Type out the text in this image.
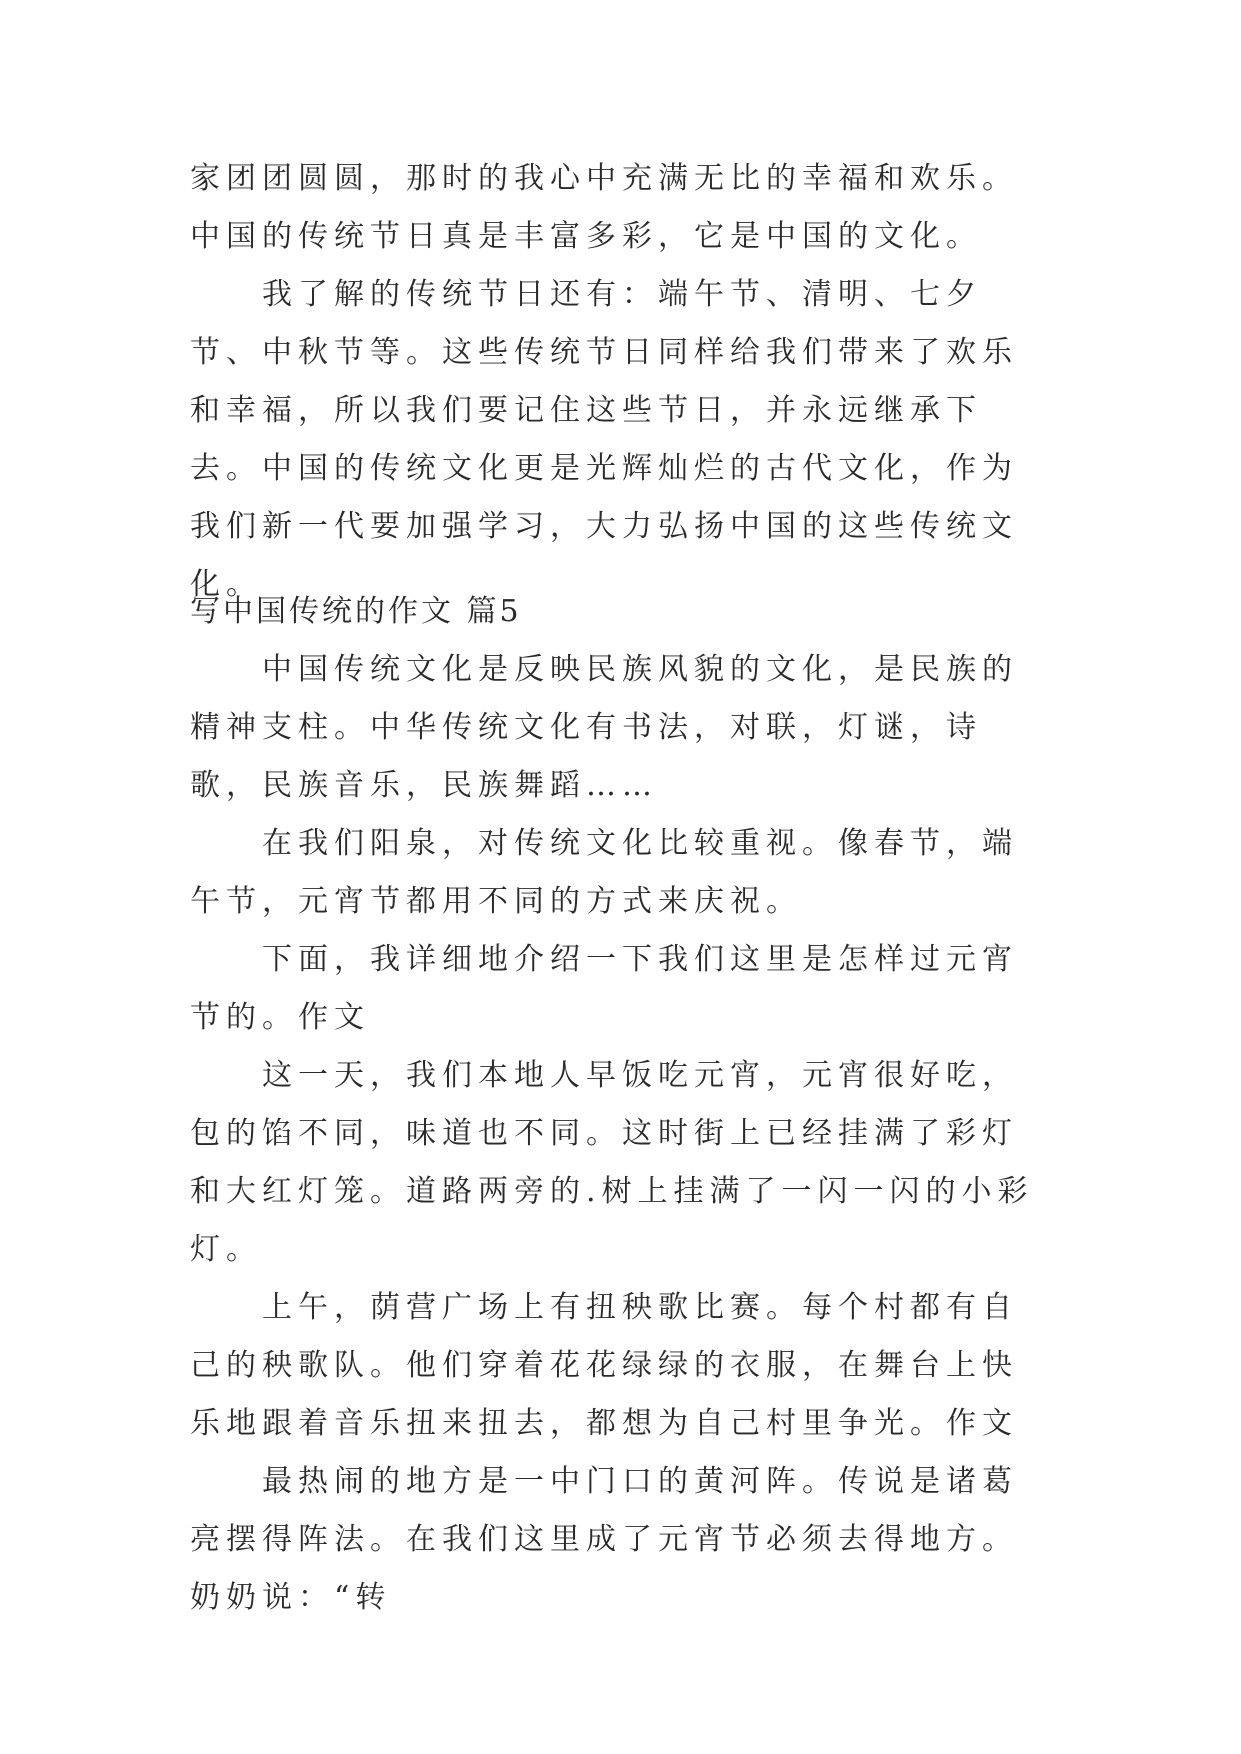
家团团圆圆，那时的我心中充满无比的幸福和欢乐。中国的传统节日真是丰富多彩，它是中国的文化。

我了解的传统节日还有：端午节、清明、七夕节、中秋节等。这些传统节日同样给我们带来了欢乐和幸福，所以我们要记住这些节日，并永远继承下去。中国的传统文化更是光辉灿烂的古代文化，作为我们新一代要加强学习，大力弘扬中国的这些传统文化。

写中国传统的作文 篇5

中国传统文化是反映民族风貌的文化，是民族的精神支柱。中华传统文化有书法，对联，灯谜，诗歌，民族音乐，民族舞蹈……

在我们阳泉，对传统文化比较重视。像春节，端午节，元宵节都用不同的方式来庆祝。

下面，我详细地介绍一下我们这里是怎样过元宵节的。作文

这一天，我们本地人早饭吃元宵，元宵很好吃，包的馅不同，味道也不同。这时街上已经挂满了彩灯和大红灯笼。道路两旁的.树上挂满了一闪一闪的小彩灯。

上午，荫营广场上有扭秧歌比赛。每个村都有自己的秧歌队。他们穿着花花绿绿的衣服，在舞台上快乐地跟着音乐扭来扭去，都想为自己村里争光。作文

最热闹的地方是一中门口的黄河阵。传说是诸葛亮摆得阵法。在我们这里成了元宵节必须去得地方。奶奶说：“转
